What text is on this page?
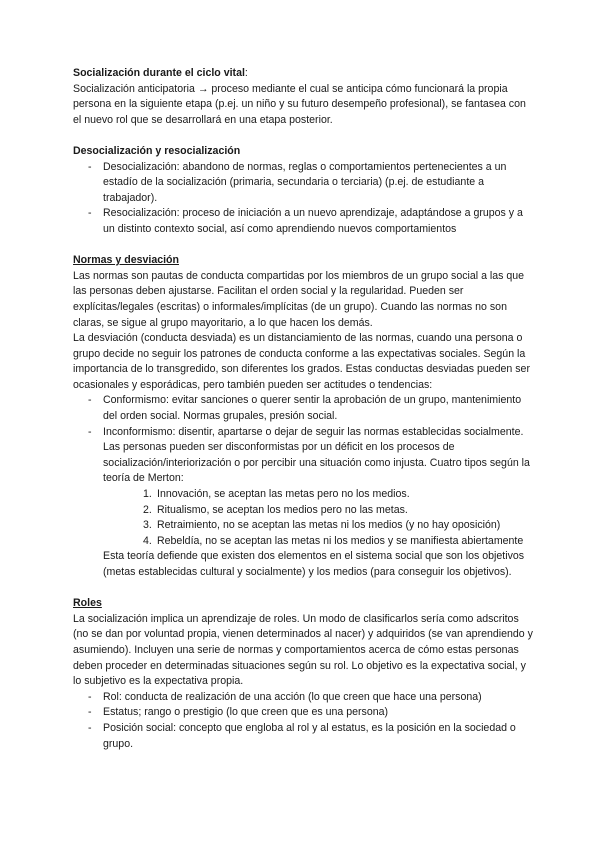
Socialización durante el ciclo vital:

Socialización anticipatoria → proceso mediante el cual se anticipa cómo funcionará la propia persona en la siguiente etapa (p.ej. un niño y su futuro desempeño profesional), se fantasea con el nuevo rol que se desarrollará en una etapa posterior.

Desocialización y resocialización

- Desocialización: abandono de normas, reglas o comportamientos pertenecientes a un estadío de la socialización (primaria, secundaria o terciaria) (p.ej. de estudiante a trabajador).
- Resocialización: proceso de iniciación a un nuevo aprendizaje, adaptándose a grupos y a un distinto contexto social, así como aprendiendo nuevos comportamientos

Normas y desviación

Las normas son pautas de conducta compartidas por los miembros de un grupo social a las que las personas deben ajustarse. Facilitan el orden social y la regularidad. Pueden ser explícitas/legales (escritas) o informales/implícitas (de un grupo). Cuando las normas no son claras, se sigue al grupo mayoritario, a lo que hacen los demás.

La desviación (conducta desviada) es un distanciamiento de las normas, cuando una persona o grupo decide no seguir los patrones de conducta conforme a las expectativas sociales. Según la importancia de lo transgredido, son diferentes los grados. Estas conductas desviadas pueden ser ocasionales y esporádicas, pero también pueden ser actitudes o tendencias:

- Conformismo: evitar sanciones o querer sentir la aprobación de un grupo, mantenimiento del orden social. Normas grupales, presión social.
- Inconformismo: disentir, apartarse o dejar de seguir las normas establecidas socialmente. Las personas pueden ser disconformistas por un déficit en los procesos de socialización/interiorización o por percibir una situación como injusta. Cuatro tipos según la teoría de Merton:
1. Innovación, se aceptan las metas pero no los medios.
2. Ritualismo, se aceptan los medios pero no las metas.
3. Retraimiento, no se aceptan las metas ni los medios (y no hay oposición)
4. Rebeldía, no se aceptan las metas ni los medios y se manifiesta abiertamente

Esta teoría defiende que existen dos elementos en el sistema social que son los objetivos (metas establecidas cultural y socialmente) y los medios (para conseguir los objetivos).

Roles

La socialización implica un aprendizaje de roles. Un modo de clasificarlos sería como adscritos (no se dan por voluntad propia, vienen determinados al nacer) y adquiridos (se van aprendiendo y asumiendo). Incluyen una serie de normas y comportamientos acerca de cómo estas personas deben proceder en determinadas situaciones según su rol. Lo objetivo es la expectativa social, y lo subjetivo es la expectativa propia.

- Rol: conducta de realización de una acción (lo que creen que hace una persona)
- Estatus; rango o prestigio (lo que creen que es una persona)
- Posición social: concepto que engloba al rol y al estatus, es la posición en la sociedad o grupo.
